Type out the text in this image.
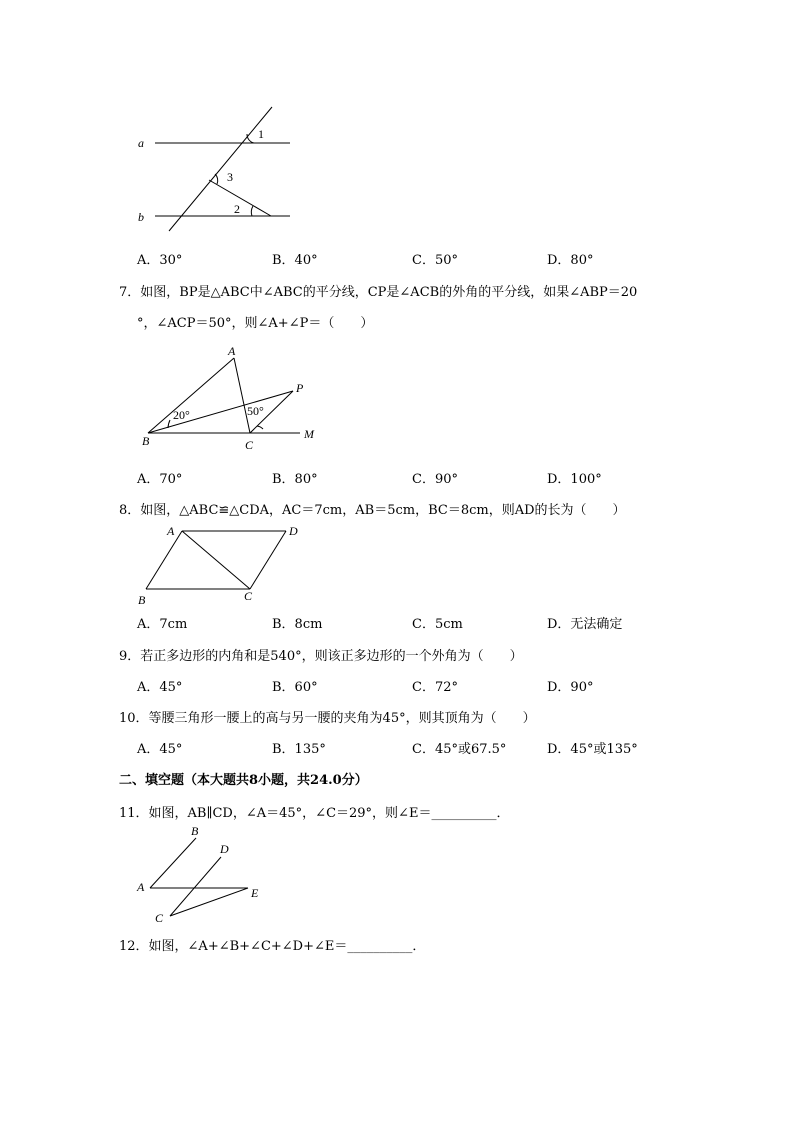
a
b
1
3
2
A．30°	B．40°	C．50°	D．80°
7．如图，BP是△ABC中∠ABC的平分线，CP是∠ACB的外角的平分线，如果∠ABP＝20
°，∠ACP＝50°，则∠A+∠P＝（　　）
A
P
B	C
M
20°	50°
A．70°	B．80°	C．90°	D．100°
8．如图，△ABC≌△CDA，AC＝7cm，AB＝5cm，BC＝8cm，则AD的长为（　　）
A	D
B	C
A．7cm	B．8cm	C．5cm	D．无法确定
9．若正多边形的内角和是540°，则该正多边形的一个外角为（　　）
A．45°	B．60°	C．72°	D．90°
10．等腰三角形一腰上的高与另一腰的夹角为45°，则其顶角为（　　）
A．45°	B．135°	C．45°或67.5°	D．45°或135°
二、填空题（本大题共8小题，共24.0分）
11．如图，AB∥CD，∠A＝45°，∠C＝29°，则∠E＝__________．
B
D
A	E
C
12．如图，∠A+∠B+∠C+∠D+∠E＝__________．
